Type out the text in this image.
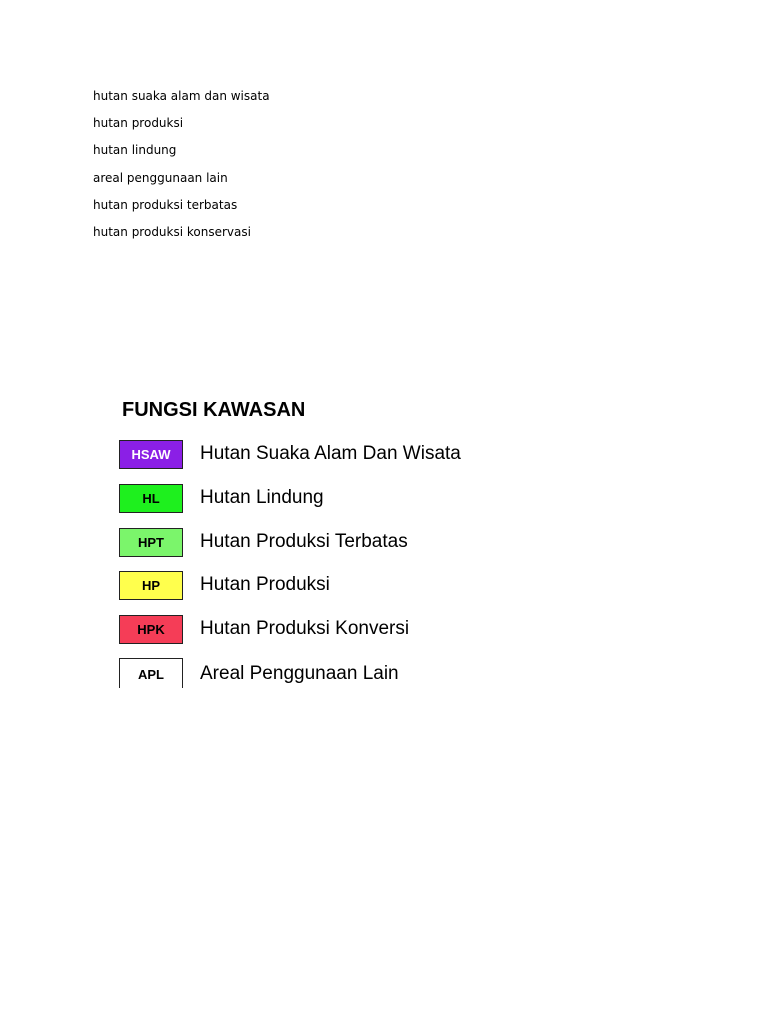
hutan suaka alam dan wisata
hutan produksi
hutan lindung
areal penggunaan lain
hutan produksi terbatas
hutan produksi konservasi
FUNGSI KAWASAN
HSAW	Hutan Suaka Alam Dan Wisata
HL	Hutan Lindung
HPT	Hutan Produksi Terbatas
HP	Hutan Produksi
HPK	Hutan Produksi Konversi
APL	Areal Penggunaan Lain
